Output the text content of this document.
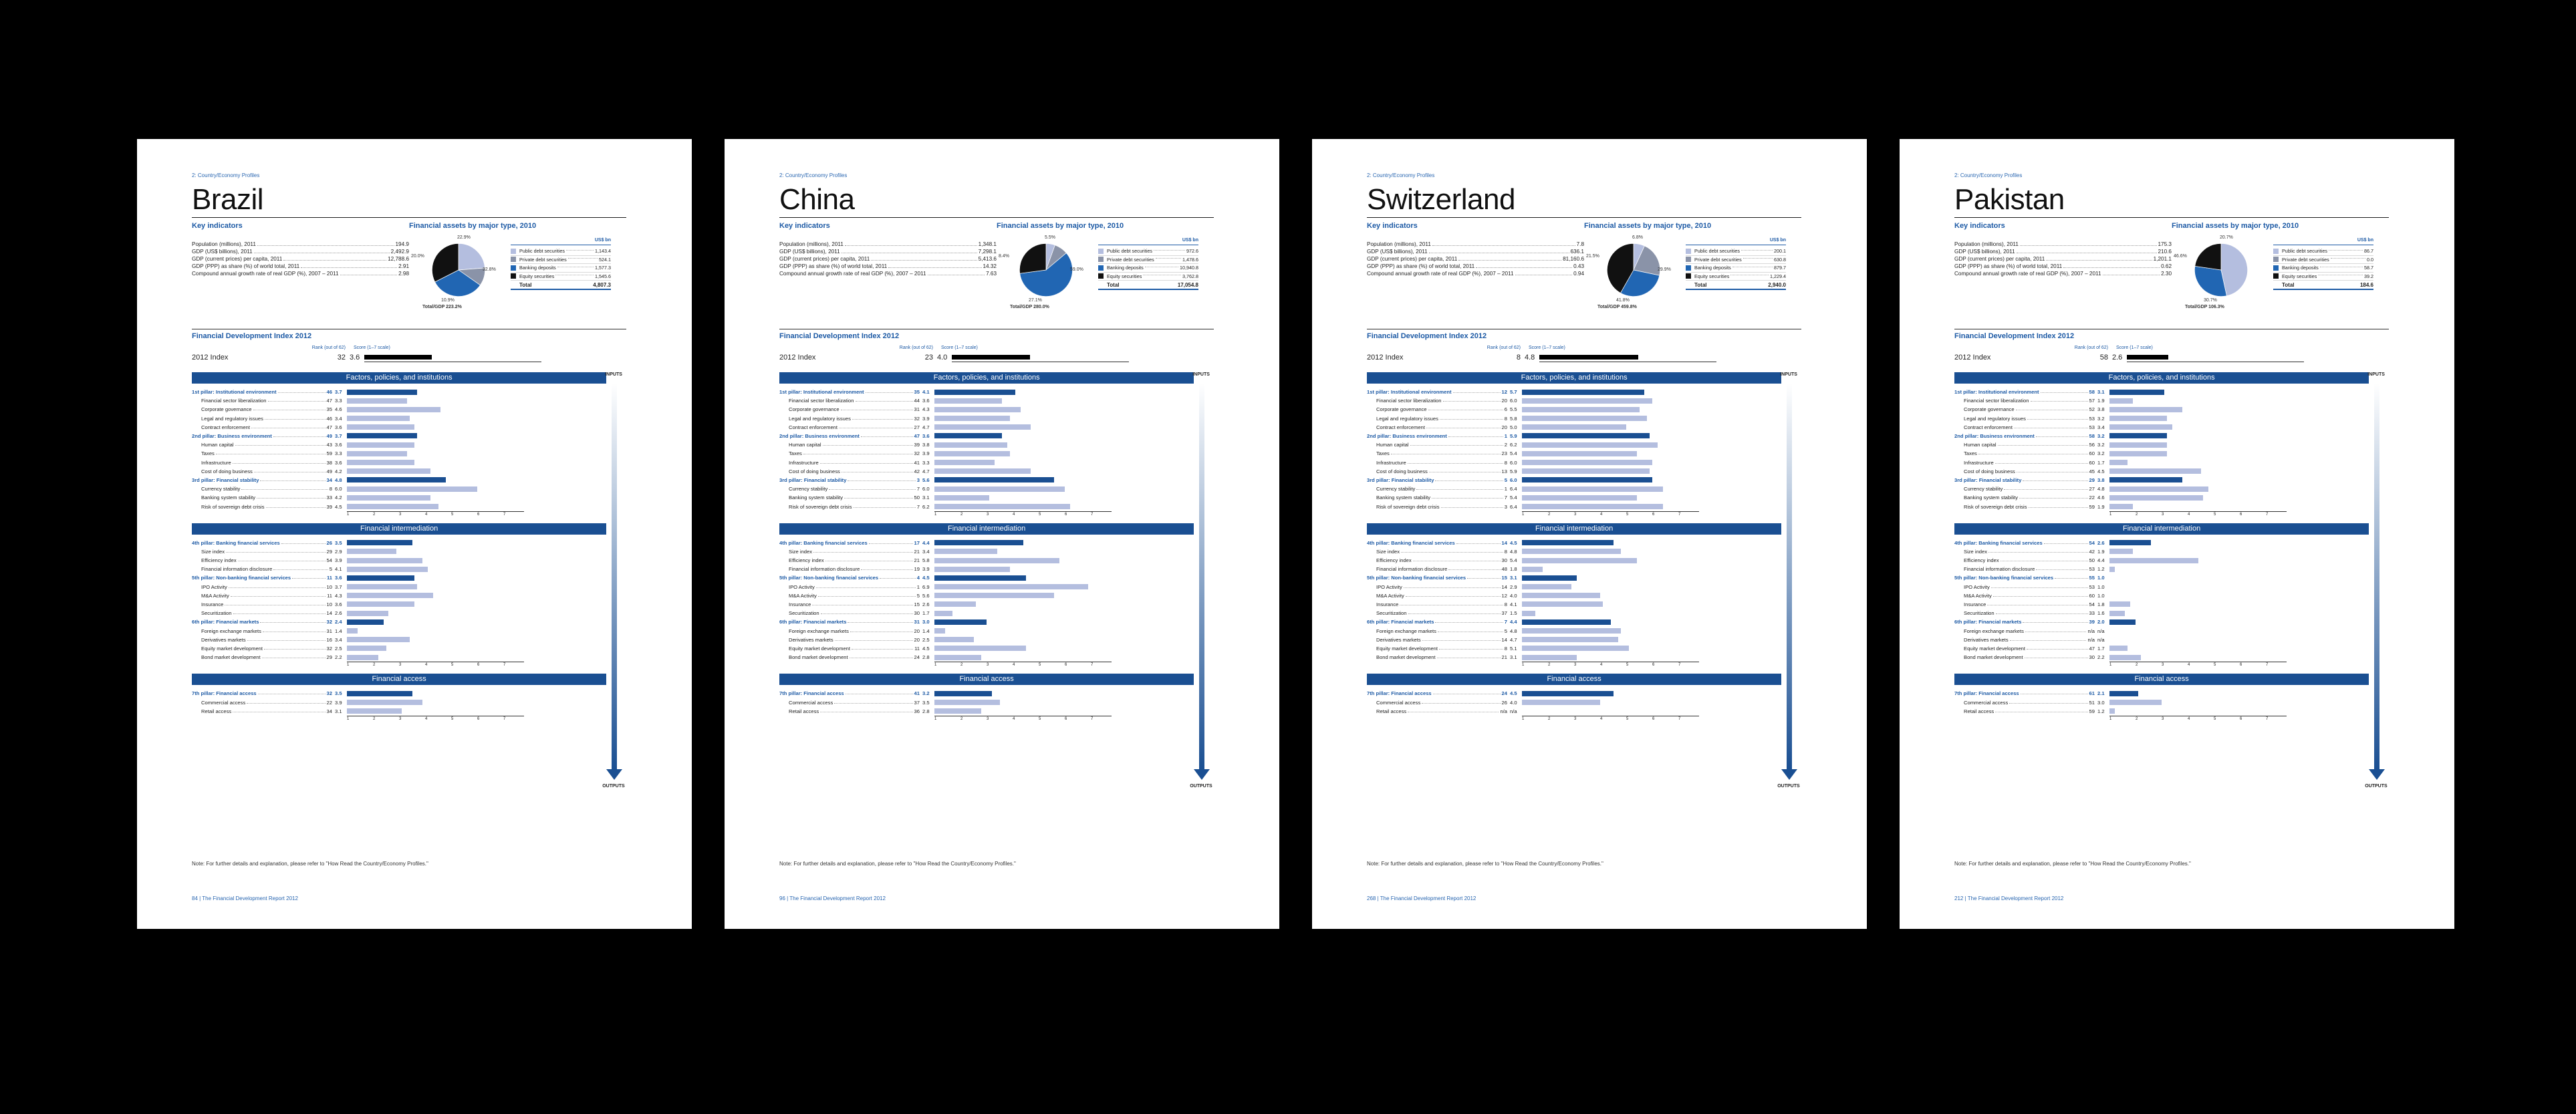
2: Country/Economy Profiles
Brazil
Key indicators
Population (millions), 2011	194.9
GDP (US$ billions), 2011	2,492.9
GDP (current prices) per capita, 2011	12,788.6
GDP (PPP) as share (%) of world total, 2011	2.91
Compound annual growth rate of real GDP (%), 2007 – 2011	2.98
Financial assets by major type, 2010
22.9%
20.0%
10.9%
32.8%
US$ bn
Public debt securities	1,143.4
Private debt securities	524.1
Banking deposits	1,577.3
Equity securities	1,545.6
Total	4,807.3
Total/GDP 223.2%
Financial Development Index 2012
Rank (out of 62) Score (1–7 scale)
2012 Index	32 3.6
Factors, policies, and institutions
1st pillar: Institutional environment	46 3.7
Financial sector liberalization	47 3.3
Corporate governance	35 4.6
Legal and regulatory issues	46 3.4
Contract enforcement	47 3.6
2nd pillar: Business environment	49 3.7
Human capital	43 3.6
Taxes	59 3.3
Infrastructure	38 3.6
Cost of doing business	49 4.2
3rd pillar: Financial stability	34 4.8
Currency stability	8 6.0
Banking system stability	33 4.2
Risk of sovereign debt crisis	39 4.5
1	2	3	4	5	6	7
Financial intermediation
4th pillar: Banking financial services	26 3.5
Size index	29 2.9
Efficiency index	54 3.9
Financial information disclosure	5 4.1
5th pillar: Non-banking financial services	11 3.6
IPO Activity	10 3.7
M&A Activity	11 4.3
Insurance	10 3.6
Securitization	14 2.6
6th pillar: Financial markets	32 2.4
Foreign exchange markets	31 1.4
Derivatives markets	16 3.4
Equity market development	32 2.5
Bond market development	29 2.2
1	2	3	4	5	6	7
Financial access
7th pillar: Financial access	32 3.5
Commercial access	22 3.9
Retail access	34 3.1
1	2	3	4	5	6	7
INPUTS
OUTPUTS
Note: For further details and explanation, please refer to "How Read the Country/Economy Profiles."
84 | The Financial Development Report 2012
2: Country/Economy Profiles
China
Key indicators
Population (millions), 2011	1,348.1
GDP (US$ billions), 2011	7,298.1
GDP (current prices) per capita, 2011	5,413.6
GDP (PPP) as share (%) of world total, 2011	14.32
Compound annual growth rate of real GDP (%), 2007 – 2011	7.63
Financial assets by major type, 2010
5.5%
8.4%
27.1%
59.0%
US$ bn
Public debt securities	972.6
Private debt securities	1,478.6
Banking deposits	10,940.8
Equity securities	3,762.8
Total	17,054.8
Total/GDP 280.0%
Financial Development Index 2012
Rank (out of 62) Score (1–7 scale)
2012 Index	23 4.0
Factors, policies, and institutions
1st pillar: Institutional environment	35 4.1
Financial sector liberalization	44 3.6
Corporate governance	31 4.3
Legal and regulatory issues	32 3.9
Contract enforcement	27 4.7
2nd pillar: Business environment	47 3.6
Human capital	39 3.8
Taxes	32 3.9
Infrastructure	41 3.3
Cost of doing business	42 4.7
3rd pillar: Financial stability	3 5.6
Currency stability	7 6.0
Banking system stability	50 3.1
Risk of sovereign debt crisis	7 6.2
1	2	3	4	5	6	7
Financial intermediation
4th pillar: Banking financial services	17 4.4
Size index	21 3.4
Efficiency index	21 5.8
Financial information disclosure	19 3.9
5th pillar: Non-banking financial services	4 4.5
IPO Activity	1 6.9
M&A Activity	5 5.6
Insurance	15 2.6
Securitization	30 1.7
6th pillar: Financial markets	31 3.0
Foreign exchange markets	20 1.4
Derivatives markets	20 2.5
Equity market development	11 4.5
Bond market development	24 2.8
1	2	3	4	5	6	7
Financial access
7th pillar: Financial access	41 3.2
Commercial access	37 3.5
Retail access	36 2.8
1	2	3	4	5	6	7
INPUTS
OUTPUTS
Note: For further details and explanation, please refer to "How Read the Country/Economy Profiles."
96 | The Financial Development Report 2012
2: Country/Economy Profiles
Switzerland
Key indicators
Population (millions), 2011	7.8
GDP (US$ billions), 2011	636.1
GDP (current prices) per capita, 2011	81,160.6
GDP (PPP) as share (%) of world total, 2011	0.43
Compound annual growth rate of real GDP (%), 2007 – 2011	0.94
Financial assets by major type, 2010
6.8%
21.5%
41.8%
29.9%
US$ bn
Public debt securities	200.1
Private debt securities	630.8
Banking deposits	879.7
Equity securities	1,229.4
Total	2,940.0
Total/GDP 459.8%
Financial Development Index 2012
Rank (out of 62) Score (1–7 scale)
2012 Index	8 4.8
Factors, policies, and institutions
1st pillar: Institutional environment	12 5.7
Financial sector liberalization	20 6.0
Corporate governance	6 5.5
Legal and regulatory issues	8 5.8
Contract enforcement	20 5.0
2nd pillar: Business environment	1 5.9
Human capital	2 6.2
Taxes	23 5.4
Infrastructure	8 6.0
Cost of doing business	13 5.9
3rd pillar: Financial stability	5 6.0
Currency stability	1 6.4
Banking system stability	7 5.4
Risk of sovereign debt crisis	3 6.4
1	2	3	4	5	6	7
Financial intermediation
4th pillar: Banking financial services	14 4.5
Size index	8 4.8
Efficiency index	30 5.4
Financial information disclosure	48 1.8
5th pillar: Non-banking financial services	15 3.1
IPO Activity	14 2.9
M&A Activity	12 4.0
Insurance	8 4.1
Securitization	37 1.5
6th pillar: Financial markets	7 4.4
Foreign exchange markets	5 4.8
Derivatives markets	14 4.7
Equity market development	8 5.1
Bond market development	21 3.1
1	2	3	4	5	6	7
Financial access
7th pillar: Financial access	24 4.5
Commercial access	26 4.0
Retail access	n/a n/a
1	2	3	4	5	6	7
INPUTS
OUTPUTS
Note: For further details and explanation, please refer to "How Read the Country/Economy Profiles."
268 | The Financial Development Report 2012
2: Country/Economy Profiles
Pakistan
Key indicators
Population (millions), 2011	175.3
GDP (US$ billions), 2011	210.6
GDP (current prices) per capita, 2011	1,201.1
GDP (PPP) as share (%) of world total, 2011	0.62
Compound annual growth rate of real GDP (%), 2007 – 2011	2.30
Financial assets by major type, 2010
20.7%
46.6%
30.7%
US$ bn
Public debt securities	86.7
Private debt securities	0.0
Banking deposits	58.7
Equity securities	39.2
Total	184.6
Total/GDP 106.3%
Financial Development Index 2012
Rank (out of 62) Score (1–7 scale)
2012 Index	58 2.6
Factors, policies, and institutions
1st pillar: Institutional environment	58 3.1
Financial sector liberalization	57 1.9
Corporate governance	52 3.8
Legal and regulatory issues	53 3.2
Contract enforcement	53 3.4
2nd pillar: Business environment	58 3.2
Human capital	56 3.2
Taxes	60 3.2
Infrastructure	60 1.7
Cost of doing business	45 4.5
3rd pillar: Financial stability	29 3.8
Currency stability	27 4.8
Banking system stability	22 4.6
Risk of sovereign debt crisis	59 1.9
1	2	3	4	5	6	7
Financial intermediation
4th pillar: Banking financial services	54 2.6
Size index	42 1.9
Efficiency index	50 4.4
Financial information disclosure	53 1.2
5th pillar: Non-banking financial services	55 1.0
IPO Activity	53 1.0
M&A Activity	60 1.0
Insurance	54 1.8
Securitization	33 1.6
6th pillar: Financial markets	39 2.0
Foreign exchange markets	n/a n/a
Derivatives markets	n/a n/a
Equity market development	47 1.7
Bond market development	30 2.2
1	2	3	4	5	6	7
Financial access
7th pillar: Financial access	61 2.1
Commercial access	51 3.0
Retail access	59 1.2
1	2	3	4	5	6	7
INPUTS
OUTPUTS
Note: For further details and explanation, please refer to "How Read the Country/Economy Profiles."
212 | The Financial Development Report 2012
